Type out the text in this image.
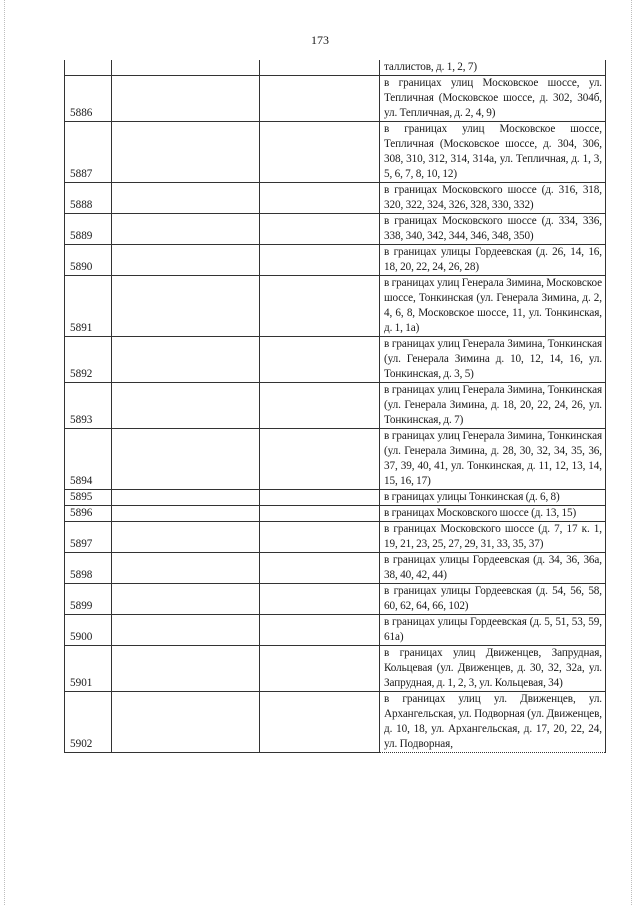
173
			таллистов, д. 1, 2, 7)
5886			в границах улиц Московское шоссе, ул. Тепличная (Московское шоссе, д. 302, 304б, ул. Тепличная, д. 2, 4, 9)
5887			в границах улиц Московское шоссе, Тепличная (Московское шоссе, д. 304, 306, 308, 310, 312, 314, 314а, ул. Тепличная, д. 1, 3, 5, 6, 7, 8, 10, 12)
5888			в границах Московского шоссе (д. 316, 318, 320, 322, 324, 326, 328, 330, 332)
5889			в границах Московского шоссе (д. 334, 336, 338, 340, 342, 344, 346, 348, 350)
5890			в границах улицы Гордеевская (д. 26, 14, 16, 18, 20, 22, 24, 26, 28)
5891			в границах улиц Генерала Зимина, Московское шоссе, Тонкинская (ул. Генерала Зимина, д. 2, 4, 6, 8, Московское шоссе, 11, ул. Тонкинская, д. 1, 1а)
5892			в границах улиц Генерала Зимина, Тонкинская (ул. Генерала Зимина д. 10, 12, 14, 16, ул. Тонкинская, д. 3, 5)
5893			в границах улиц Генерала Зимина, Тонкинская (ул. Генерала Зимина, д. 18, 20, 22, 24, 26, ул. Тонкинская, д. 7)
5894			в границах улиц Генерала Зимина, Тонкинская (ул. Генерала Зимина, д. 28, 30, 32, 34, 35, 36, 37, 39, 40, 41, ул. Тонкинская, д. 11, 12, 13, 14, 15, 16, 17)
5895			в границах улицы Тонкинская (д. 6, 8)
5896			в границах Московского шоссе (д. 13, 15)
5897			в границах Московского шоссе (д. 7, 17 к. 1, 19, 21, 23, 25, 27, 29, 31, 33, 35, 37)
5898			в границах улицы Гордеевская (д. 34, 36, 36а, 38, 40, 42, 44)
5899			в границах улицы Гордеевская (д. 54, 56, 58, 60, 62, 64, 66, 102)
5900			в границах улицы Гордеевская (д. 5, 51, 53, 59, 61а)
5901			в границах улиц Движенцев, Запрудная, Кольцевая (ул. Движенцев, д. 30, 32, 32а, ул. Запрудная, д. 1, 2, 3, ул. Кольцевая, 34)
5902			в границах улиц ул. Движенцев, ул. Архангельская, ул. Подворная (ул. Движенцев, д. 10, 18, ул. Архангельская, д. 17, 20, 22, 24, ул. Подворная,
